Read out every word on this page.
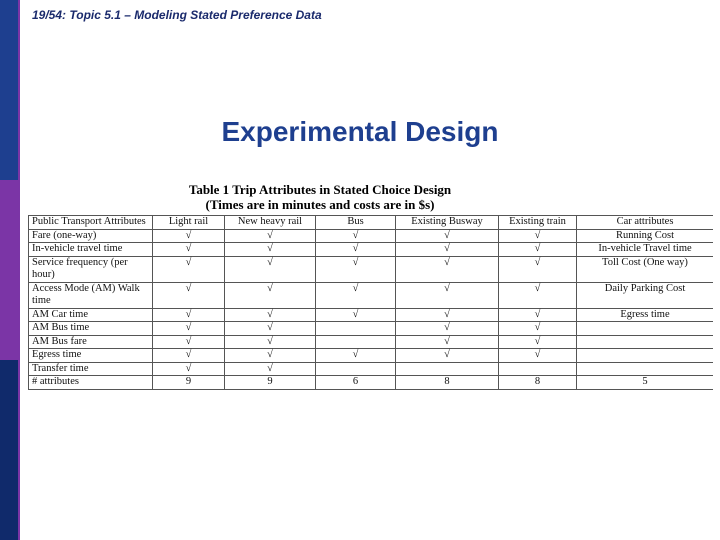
19/54: Topic 5.1 – Modeling Stated Preference Data
Experimental Design
Table 1 Trip Attributes in Stated Choice Design
(Times are in minutes and costs are in $s)
Public Transport Attributes	Light rail	New heavy rail	Bus	Existing Busway	Existing train	Car attributes
Fare (one-way)	√	√	√	√	√	Running Cost
In-vehicle travel time	√	√	√	√	√	In-vehicle Travel time
Service frequency (per hour)	√	√	√	√	√	Toll Cost (One way)
Access Mode (AM) Walk time	√	√	√	√	√	Daily Parking Cost
AM Car time	√	√	√	√	√	Egress time
AM Bus time	√	√		√	√	
AM Bus fare	√	√		√	√	
Egress time	√	√	√	√	√	
Transfer time	√	√				
# attributes	9	9	6	8	8	5
